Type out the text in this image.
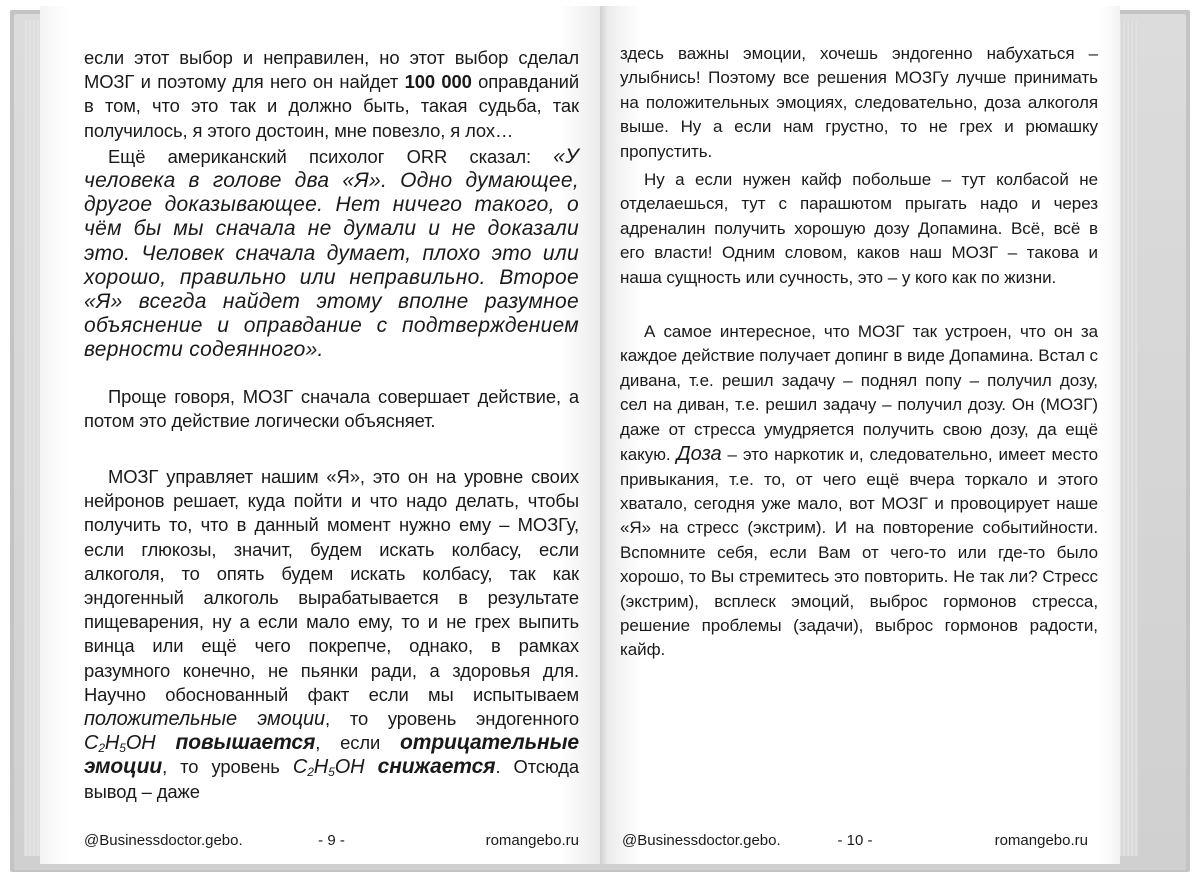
если этот выбор и неправилен, но этот выбор сделал МОЗГ и поэтому для него он найдет 100 000 оправданий в том, что это так и должно быть, такая судьба, так получилось, я этого достоин, мне повезло, я лох…

Ещё американский психолог ORR сказал: «У человека в голове два «Я». Одно думающее, другое доказывающее. Нет ничего такого, о чём бы мы сначала не думали и не доказали это. Человек сначала думает, плохо это или хорошо, правильно или неправильно. Второе «Я» всегда найдет этому вполне разумное объяснение и оправдание с подтверждением верности содеянного».

Проще говоря, МОЗГ сначала совершает действие, а потом это действие логически объясняет.

МОЗГ управляет нашим «Я», это он на уровне своих нейронов решает, куда пойти и что надо делать, чтобы получить то, что в данный момент нужно ему – МОЗГу, если глюкозы, значит, будем искать колбасу, если алкоголя, то опять будем искать колбасу, так как эндогенный алкоголь вырабатывается в результате пищеварения, ну а если мало ему, то и не грех выпить винца или ещё чего покрепче, однако, в рамках разумного конечно, не пьянки ради, а здоровья для. Научно обоснованный факт если мы испытываем положительные эмоции, то уровень эндогенного $C_2H_5OH$ повышается, если отрицательные эмоции, то уровень $C_2H_5OH$ снижается. Отсюда вывод – даже

@Businessdoctor.gebo.	- 9 -	romangebo.ru

здесь важны эмоции, хочешь эндогенно набухаться – улыбнись! Поэтому все решения МОЗГу лучше принимать на положительных эмоциях, следовательно, доза алкоголя выше. Ну а если нам грустно, то не грех и рюмашку пропустить.

Ну а если нужен кайф побольше – тут колбасой не отделаешься, тут с парашютом прыгать надо и через адреналин получить хорошую дозу Допамина. Всё, всё в его власти! Одним словом, каков наш МОЗГ – такова и наша сущность или сучность, это – у кого как по жизни.

А самое интересное, что МОЗГ так устроен, что он за каждое действие получает допинг в виде Допамина. Встал с дивана, т.е. решил задачу – поднял попу – получил дозу, сел на диван, т.е. решил задачу – получил дозу. Он (МОЗГ) даже от стресса умудряется получить свою дозу, да ещё какую. Доза – это наркотик и, следовательно, имеет место привыкания, т.е. то, от чего ещё вчера торкало и этого хватало, сегодня уже мало, вот МОЗГ и провоцирует наше «Я» на стресс (экстрим). И на повторение событийности. Вспомните себя, если Вам от чего-то или где-то было хорошо, то Вы стремитесь это повторить. Не так ли? Стресс (экстрим), всплеск эмоций, выброс гормонов стресса, решение проблемы (задачи), выброс гормонов радости, кайф.

@Businessdoctor.gebo.	- 10 -	romangebo.ru
